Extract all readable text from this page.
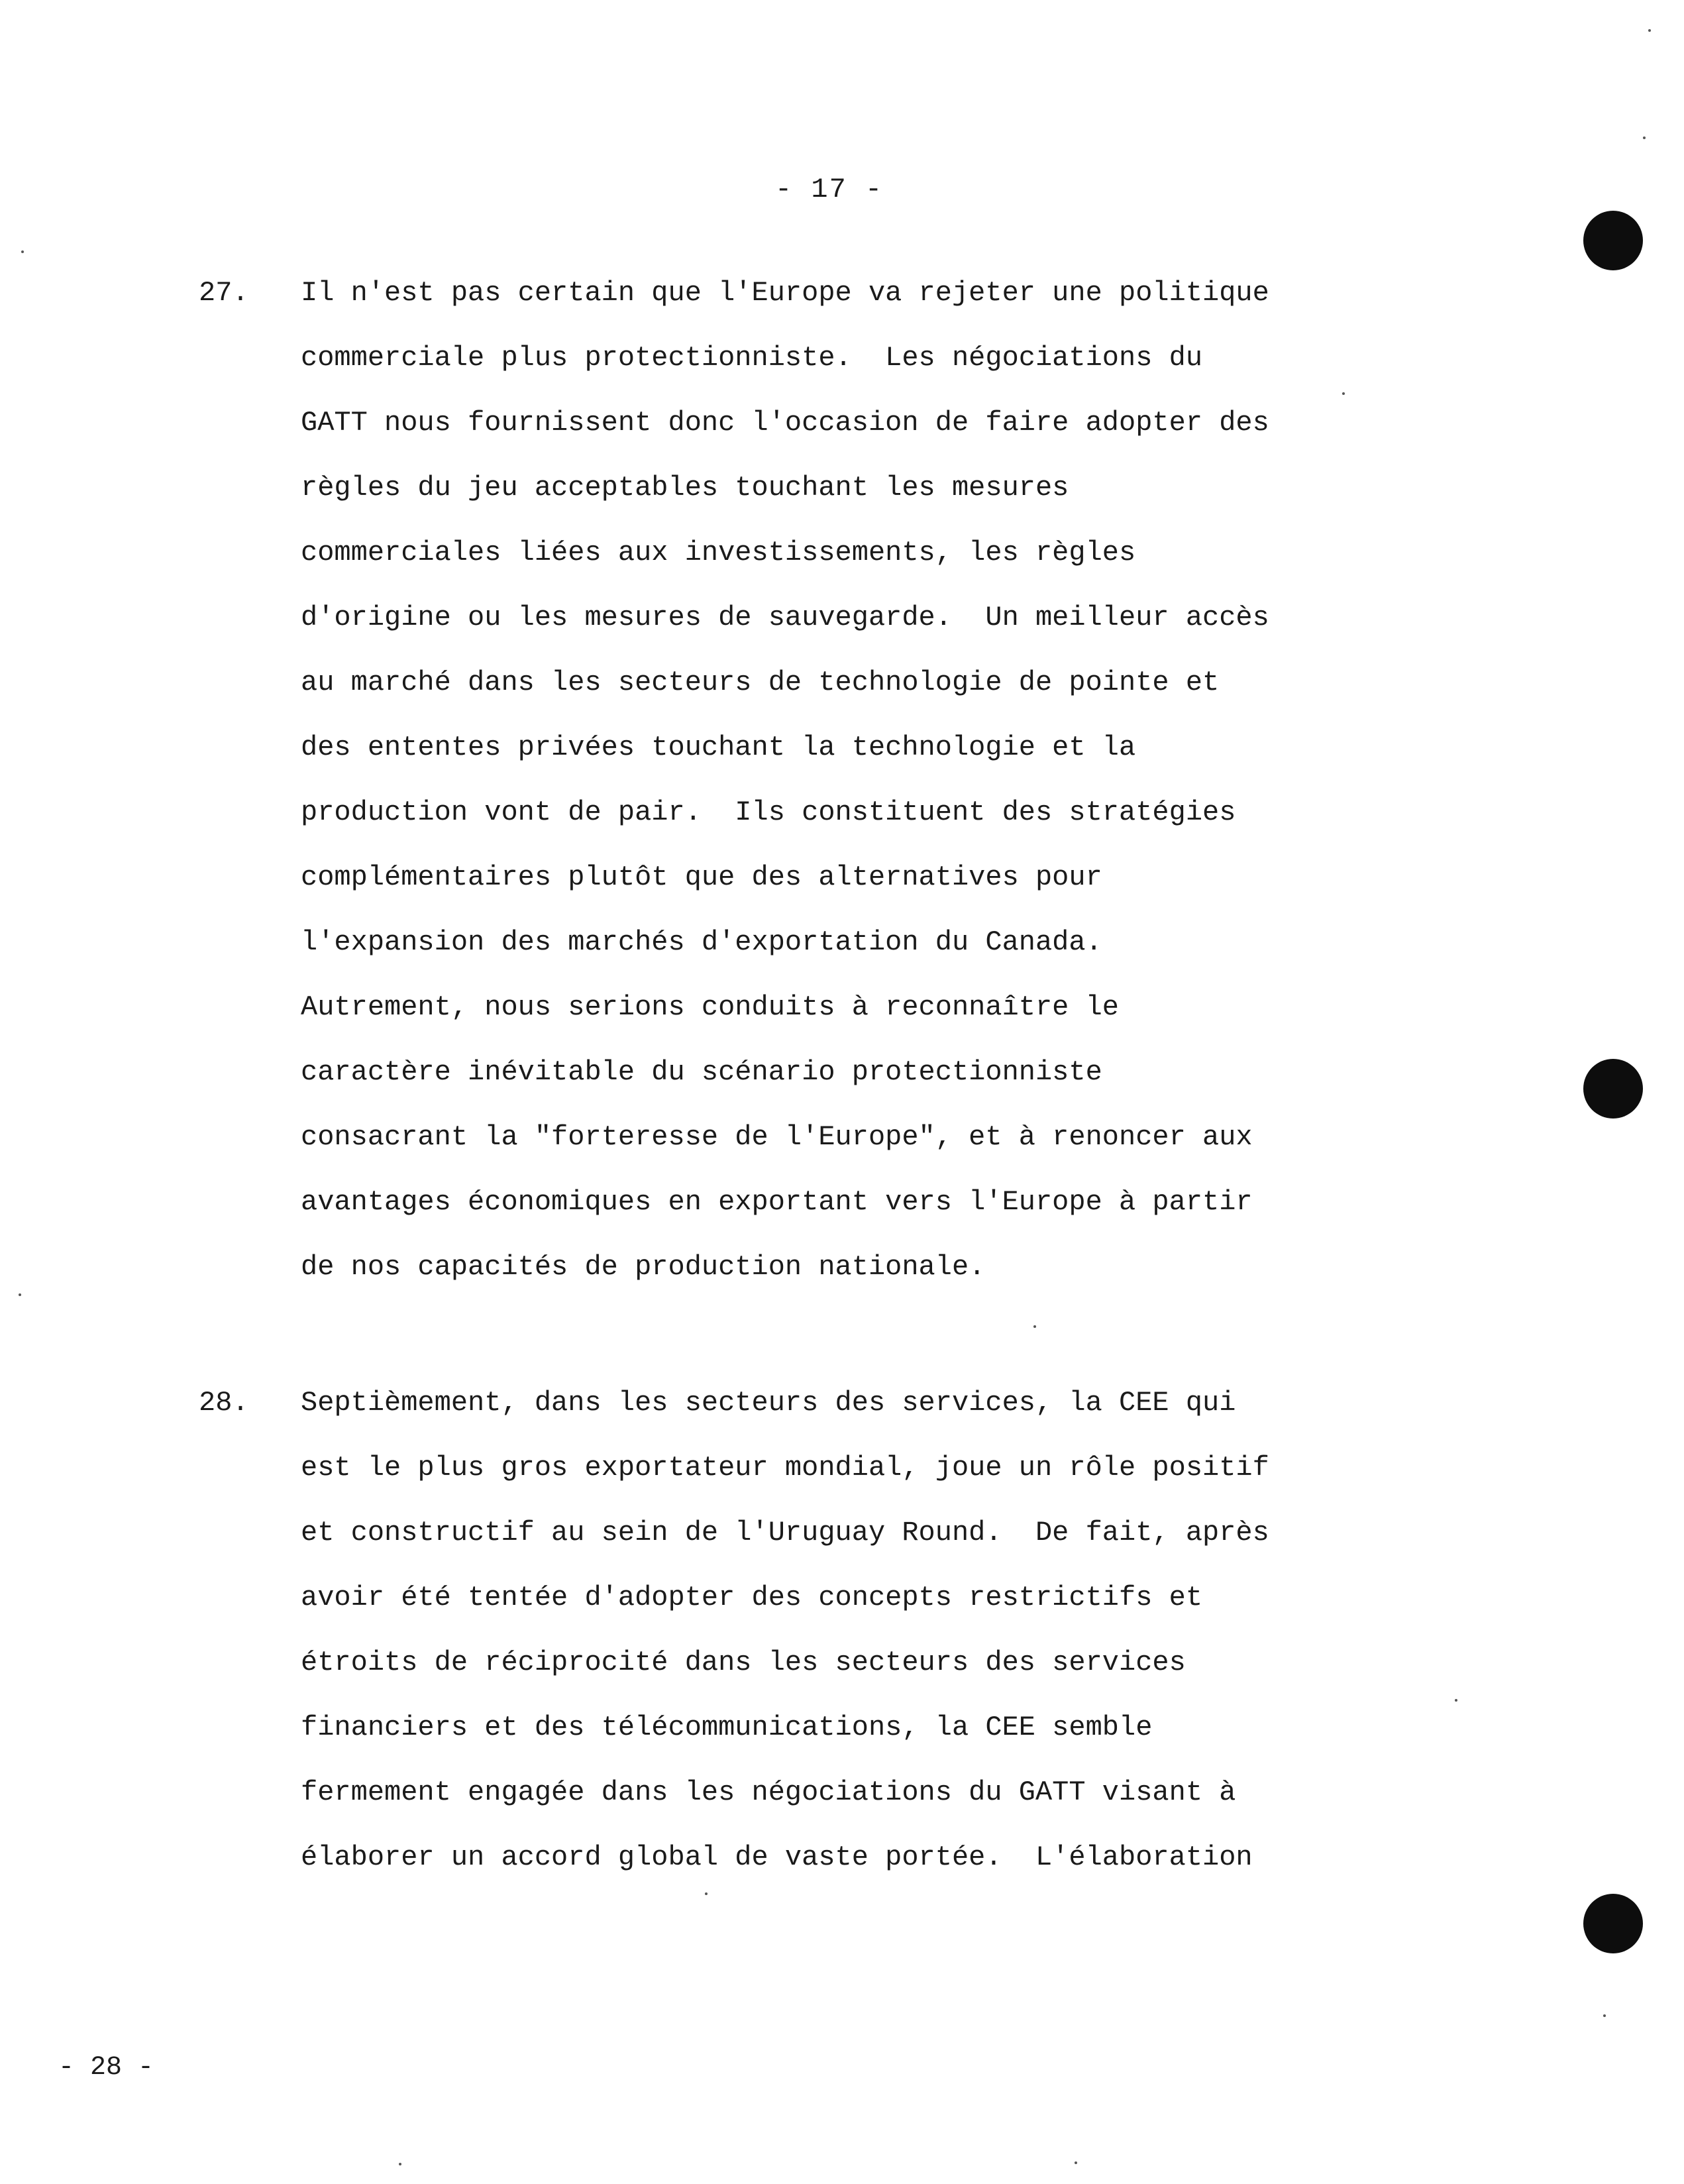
- 17 -
27. Il n'est pas certain que l'Europe va rejeter une politique
commerciale plus protectionniste.  Les négociations du
GATT nous fournissent donc l'occasion de faire adopter des
règles du jeu acceptables touchant les mesures
commerciales liées aux investissements, les règles
d'origine ou les mesures de sauvegarde.  Un meilleur accès
au marché dans les secteurs de technologie de pointe et
des ententes privées touchant la technologie et la
production vont de pair.  Ils constituent des stratégies
complémentaires plutôt que des alternatives pour
l'expansion des marchés d'exportation du Canada.
Autrement, nous serions conduits à reconnaître le
caractère inévitable du scénario protectionniste
consacrant la "forteresse de l'Europe", et à renoncer aux
avantages économiques en exportant vers l'Europe à partir
de nos capacités de production nationale.
28. Septièmement, dans les secteurs des services, la CEE qui
est le plus gros exportateur mondial, joue un rôle positif
et constructif au sein de l'Uruguay Round.  De fait, après
avoir été tentée d'adopter des concepts restrictifs et
étroits de réciprocité dans les secteurs des services
financiers et des télécommunications, la CEE semble
fermement engagée dans les négociations du GATT visant à
élaborer un accord global de vaste portée.  L'élaboration
- 28 -
